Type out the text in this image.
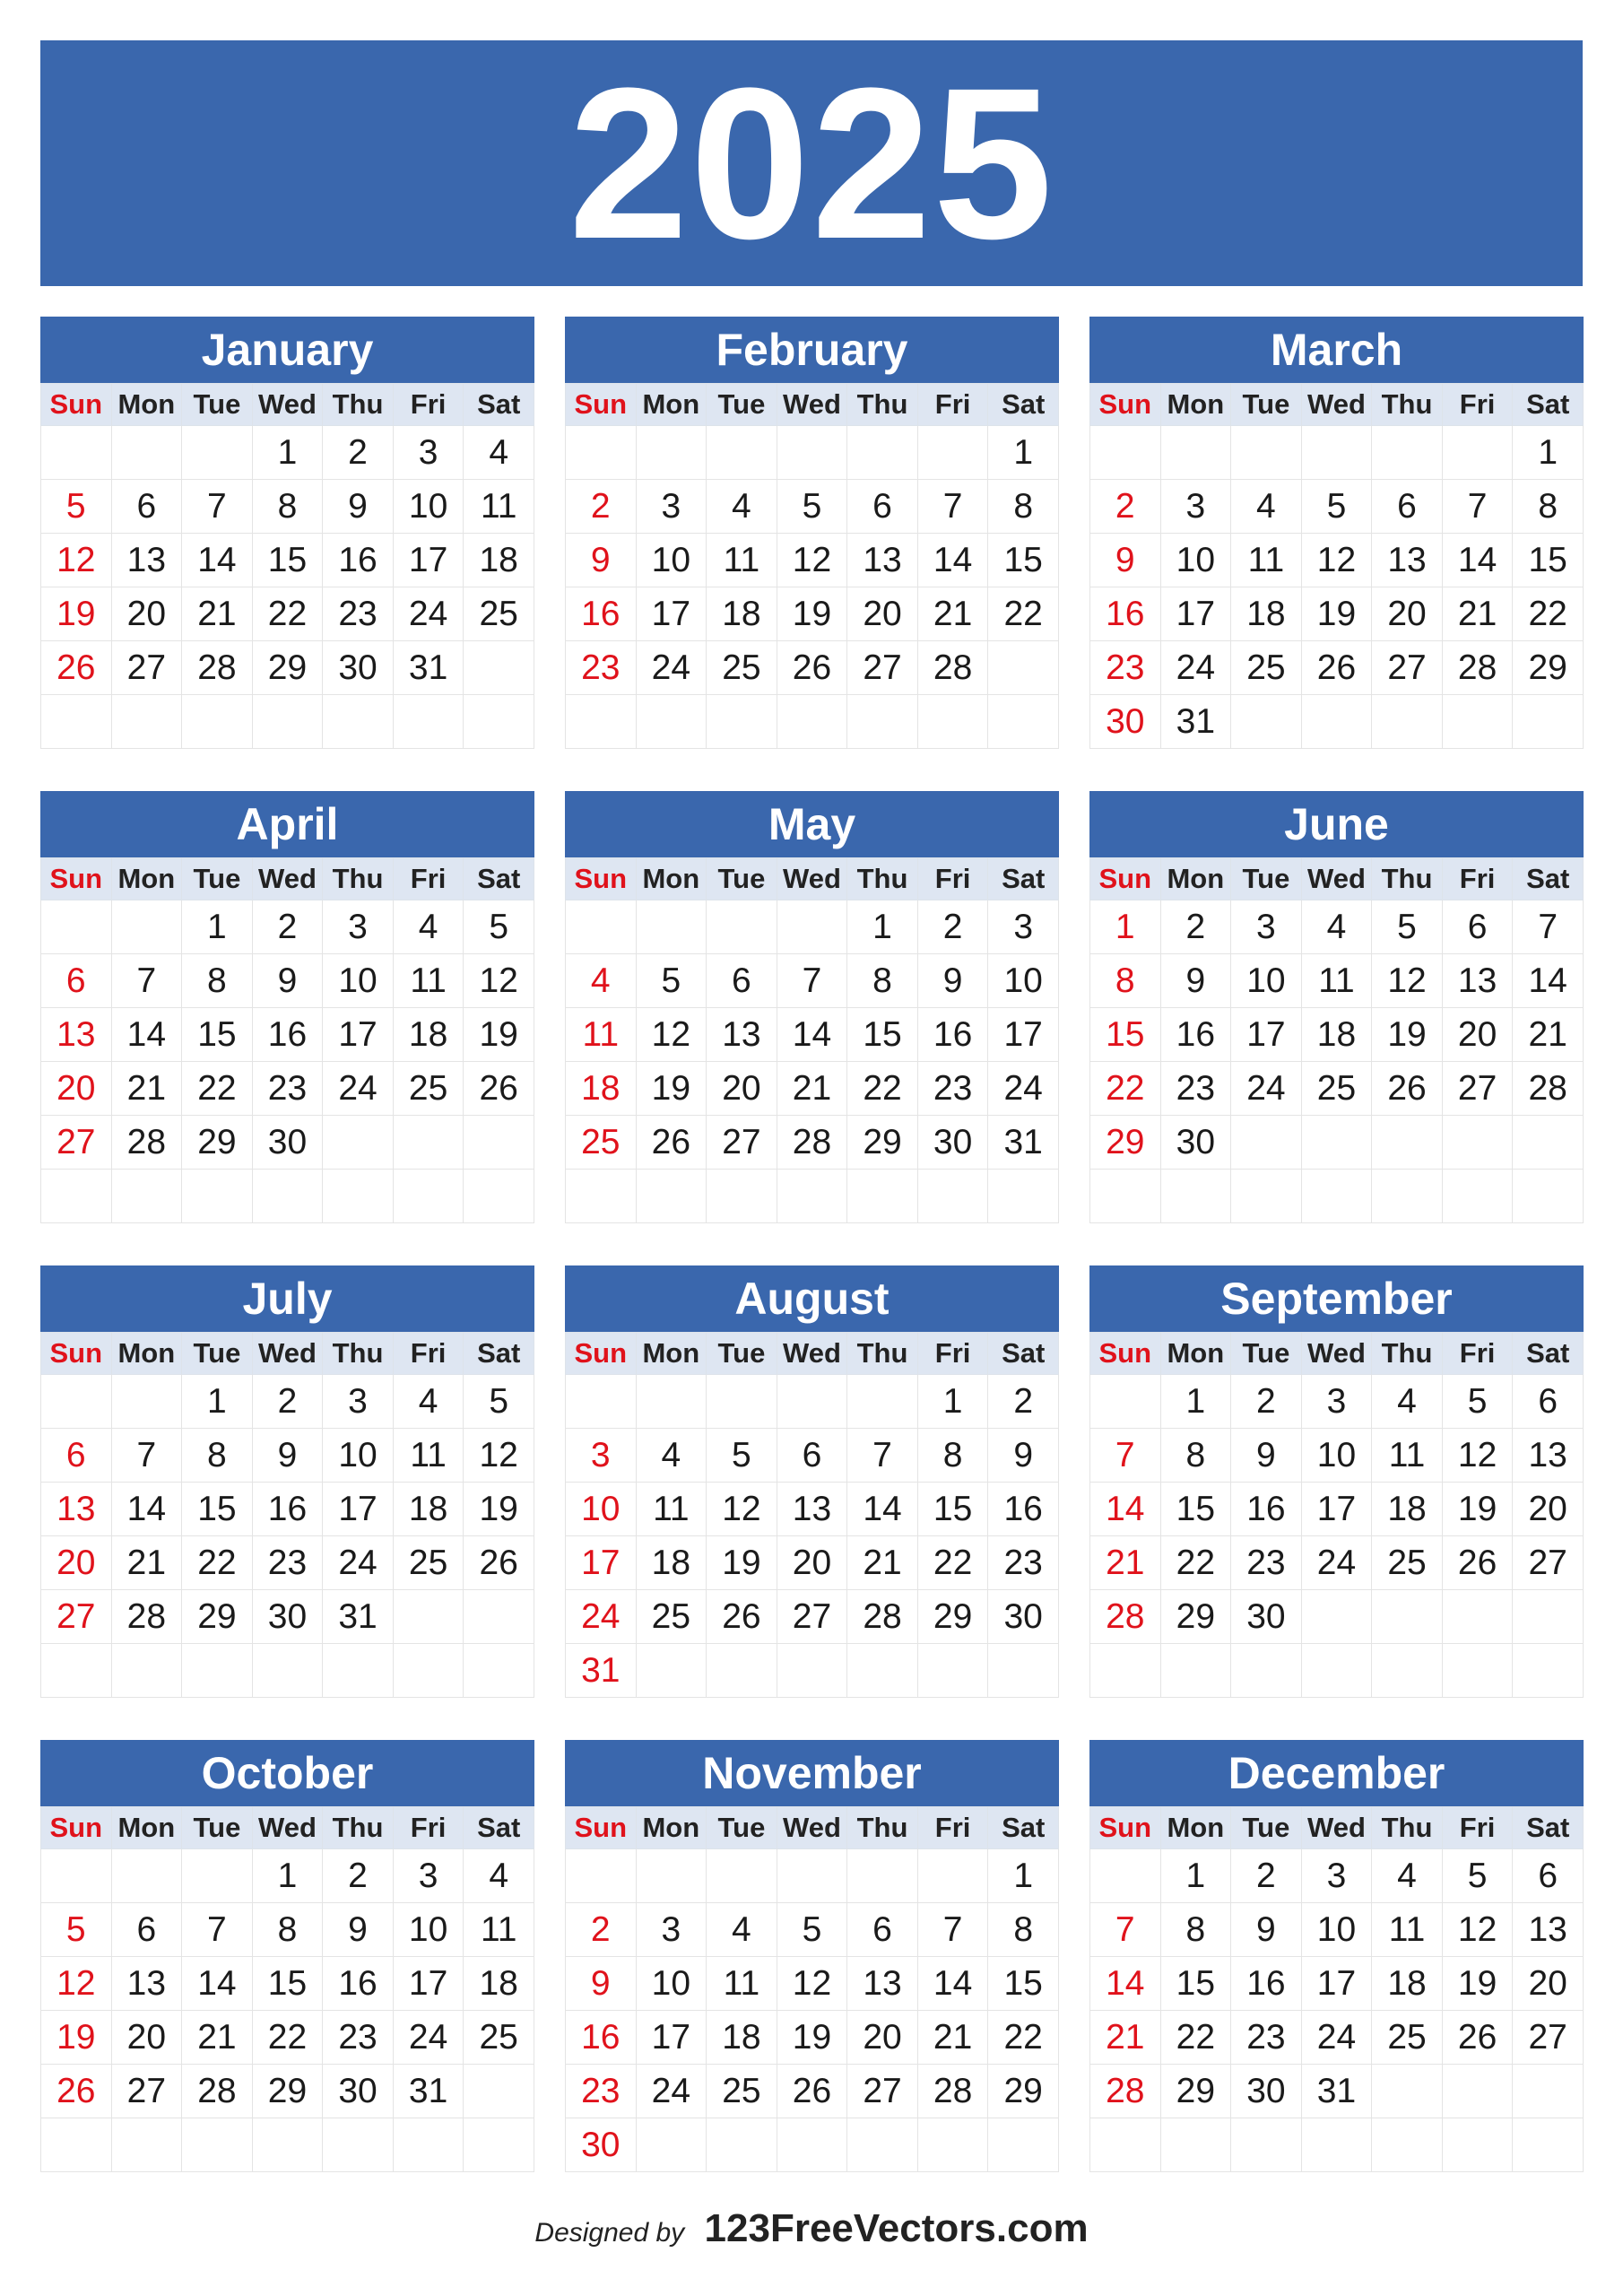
2025
January
Sun	Mon	Tue	Wed	Thu	Fri	Sat
			1	2	3	4
5	6	7	8	9	10	11
12	13	14	15	16	17	18
19	20	21	22	23	24	25
26	27	28	29	30	31	

February
Sun	Mon	Tue	Wed	Thu	Fri	Sat
						1
2	3	4	5	6	7	8
9	10	11	12	13	14	15
16	17	18	19	20	21	22
23	24	25	26	27	28	

March
Sun	Mon	Tue	Wed	Thu	Fri	Sat
						1
2	3	4	5	6	7	8
9	10	11	12	13	14	15
16	17	18	19	20	21	22
23	24	25	26	27	28	29
30	31					
April
Sun	Mon	Tue	Wed	Thu	Fri	Sat
		1	2	3	4	5
6	7	8	9	10	11	12
13	14	15	16	17	18	19
20	21	22	23	24	25	26
27	28	29	30			

May
Sun	Mon	Tue	Wed	Thu	Fri	Sat
				1	2	3
4	5	6	7	8	9	10
11	12	13	14	15	16	17
18	19	20	21	22	23	24
25	26	27	28	29	30	31

June
Sun	Mon	Tue	Wed	Thu	Fri	Sat
1	2	3	4	5	6	7
8	9	10	11	12	13	14
15	16	17	18	19	20	21
22	23	24	25	26	27	28
29	30					

July
Sun	Mon	Tue	Wed	Thu	Fri	Sat
		1	2	3	4	5
6	7	8	9	10	11	12
13	14	15	16	17	18	19
20	21	22	23	24	25	26
27	28	29	30	31		

August
Sun	Mon	Tue	Wed	Thu	Fri	Sat
					1	2
3	4	5	6	7	8	9
10	11	12	13	14	15	16
17	18	19	20	21	22	23
24	25	26	27	28	29	30
31						
September
Sun	Mon	Tue	Wed	Thu	Fri	Sat
	1	2	3	4	5	6
7	8	9	10	11	12	13
14	15	16	17	18	19	20
21	22	23	24	25	26	27
28	29	30				

October
Sun	Mon	Tue	Wed	Thu	Fri	Sat
			1	2	3	4
5	6	7	8	9	10	11
12	13	14	15	16	17	18
19	20	21	22	23	24	25
26	27	28	29	30	31	

November
Sun	Mon	Tue	Wed	Thu	Fri	Sat
						1
2	3	4	5	6	7	8
9	10	11	12	13	14	15
16	17	18	19	20	21	22
23	24	25	26	27	28	29
30						
December
Sun	Mon	Tue	Wed	Thu	Fri	Sat
	1	2	3	4	5	6
7	8	9	10	11	12	13
14	15	16	17	18	19	20
21	22	23	24	25	26	27
28	29	30	31			

Designed by 123FreeVectors.com
